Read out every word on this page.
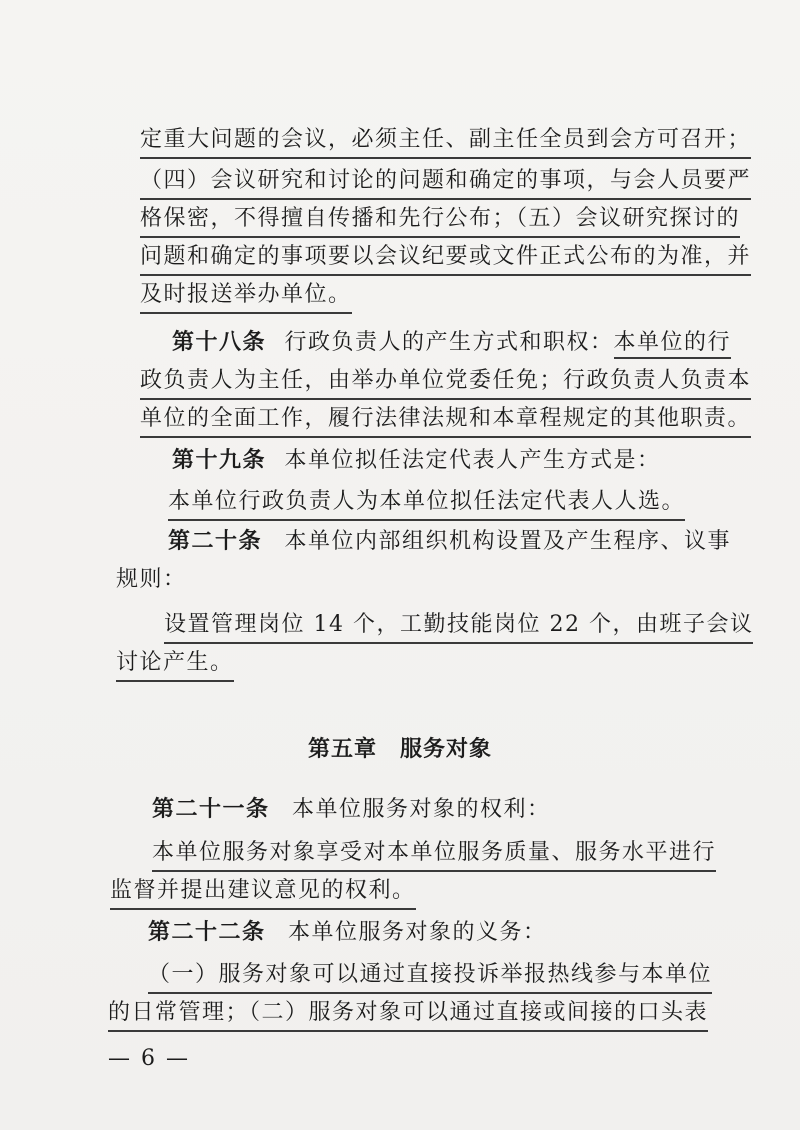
定重大问题的会议，必须主任、副主任全员到会方可召开；
（四）会议研究和讨论的问题和确定的事项，与会人员要严
格保密，不得擅自传播和先行公布；（五）会议研究探讨的
问题和确定的事项要以会议纪要或文件正式公布的为准，并
及时报送举办单位。
第十八条 行政负责人的产生方式和职权：本单位的行
政负责人为主任，由举办单位党委任免；行政负责人负责本
单位的全面工作，履行法律法规和本章程规定的其他职责。
第十九条 本单位拟任法定代表人产生方式是：
本单位行政负责人为本单位拟任法定代表人人选。
第二十条 本单位内部组织机构设置及产生程序、议事
规则：
设置管理岗位 14 个，工勤技能岗位 22 个，由班子会议
讨论产生。
第五章　服务对象
第二十一条 本单位服务对象的权利：
本单位服务对象享受对本单位服务质量、服务水平进行
监督并提出建议意见的权利。
第二十二条 本单位服务对象的义务：
（一）服务对象可以通过直接投诉举报热线参与本单位
的日常管理；（二）服务对象可以通过直接或间接的口头表
— 6 —
